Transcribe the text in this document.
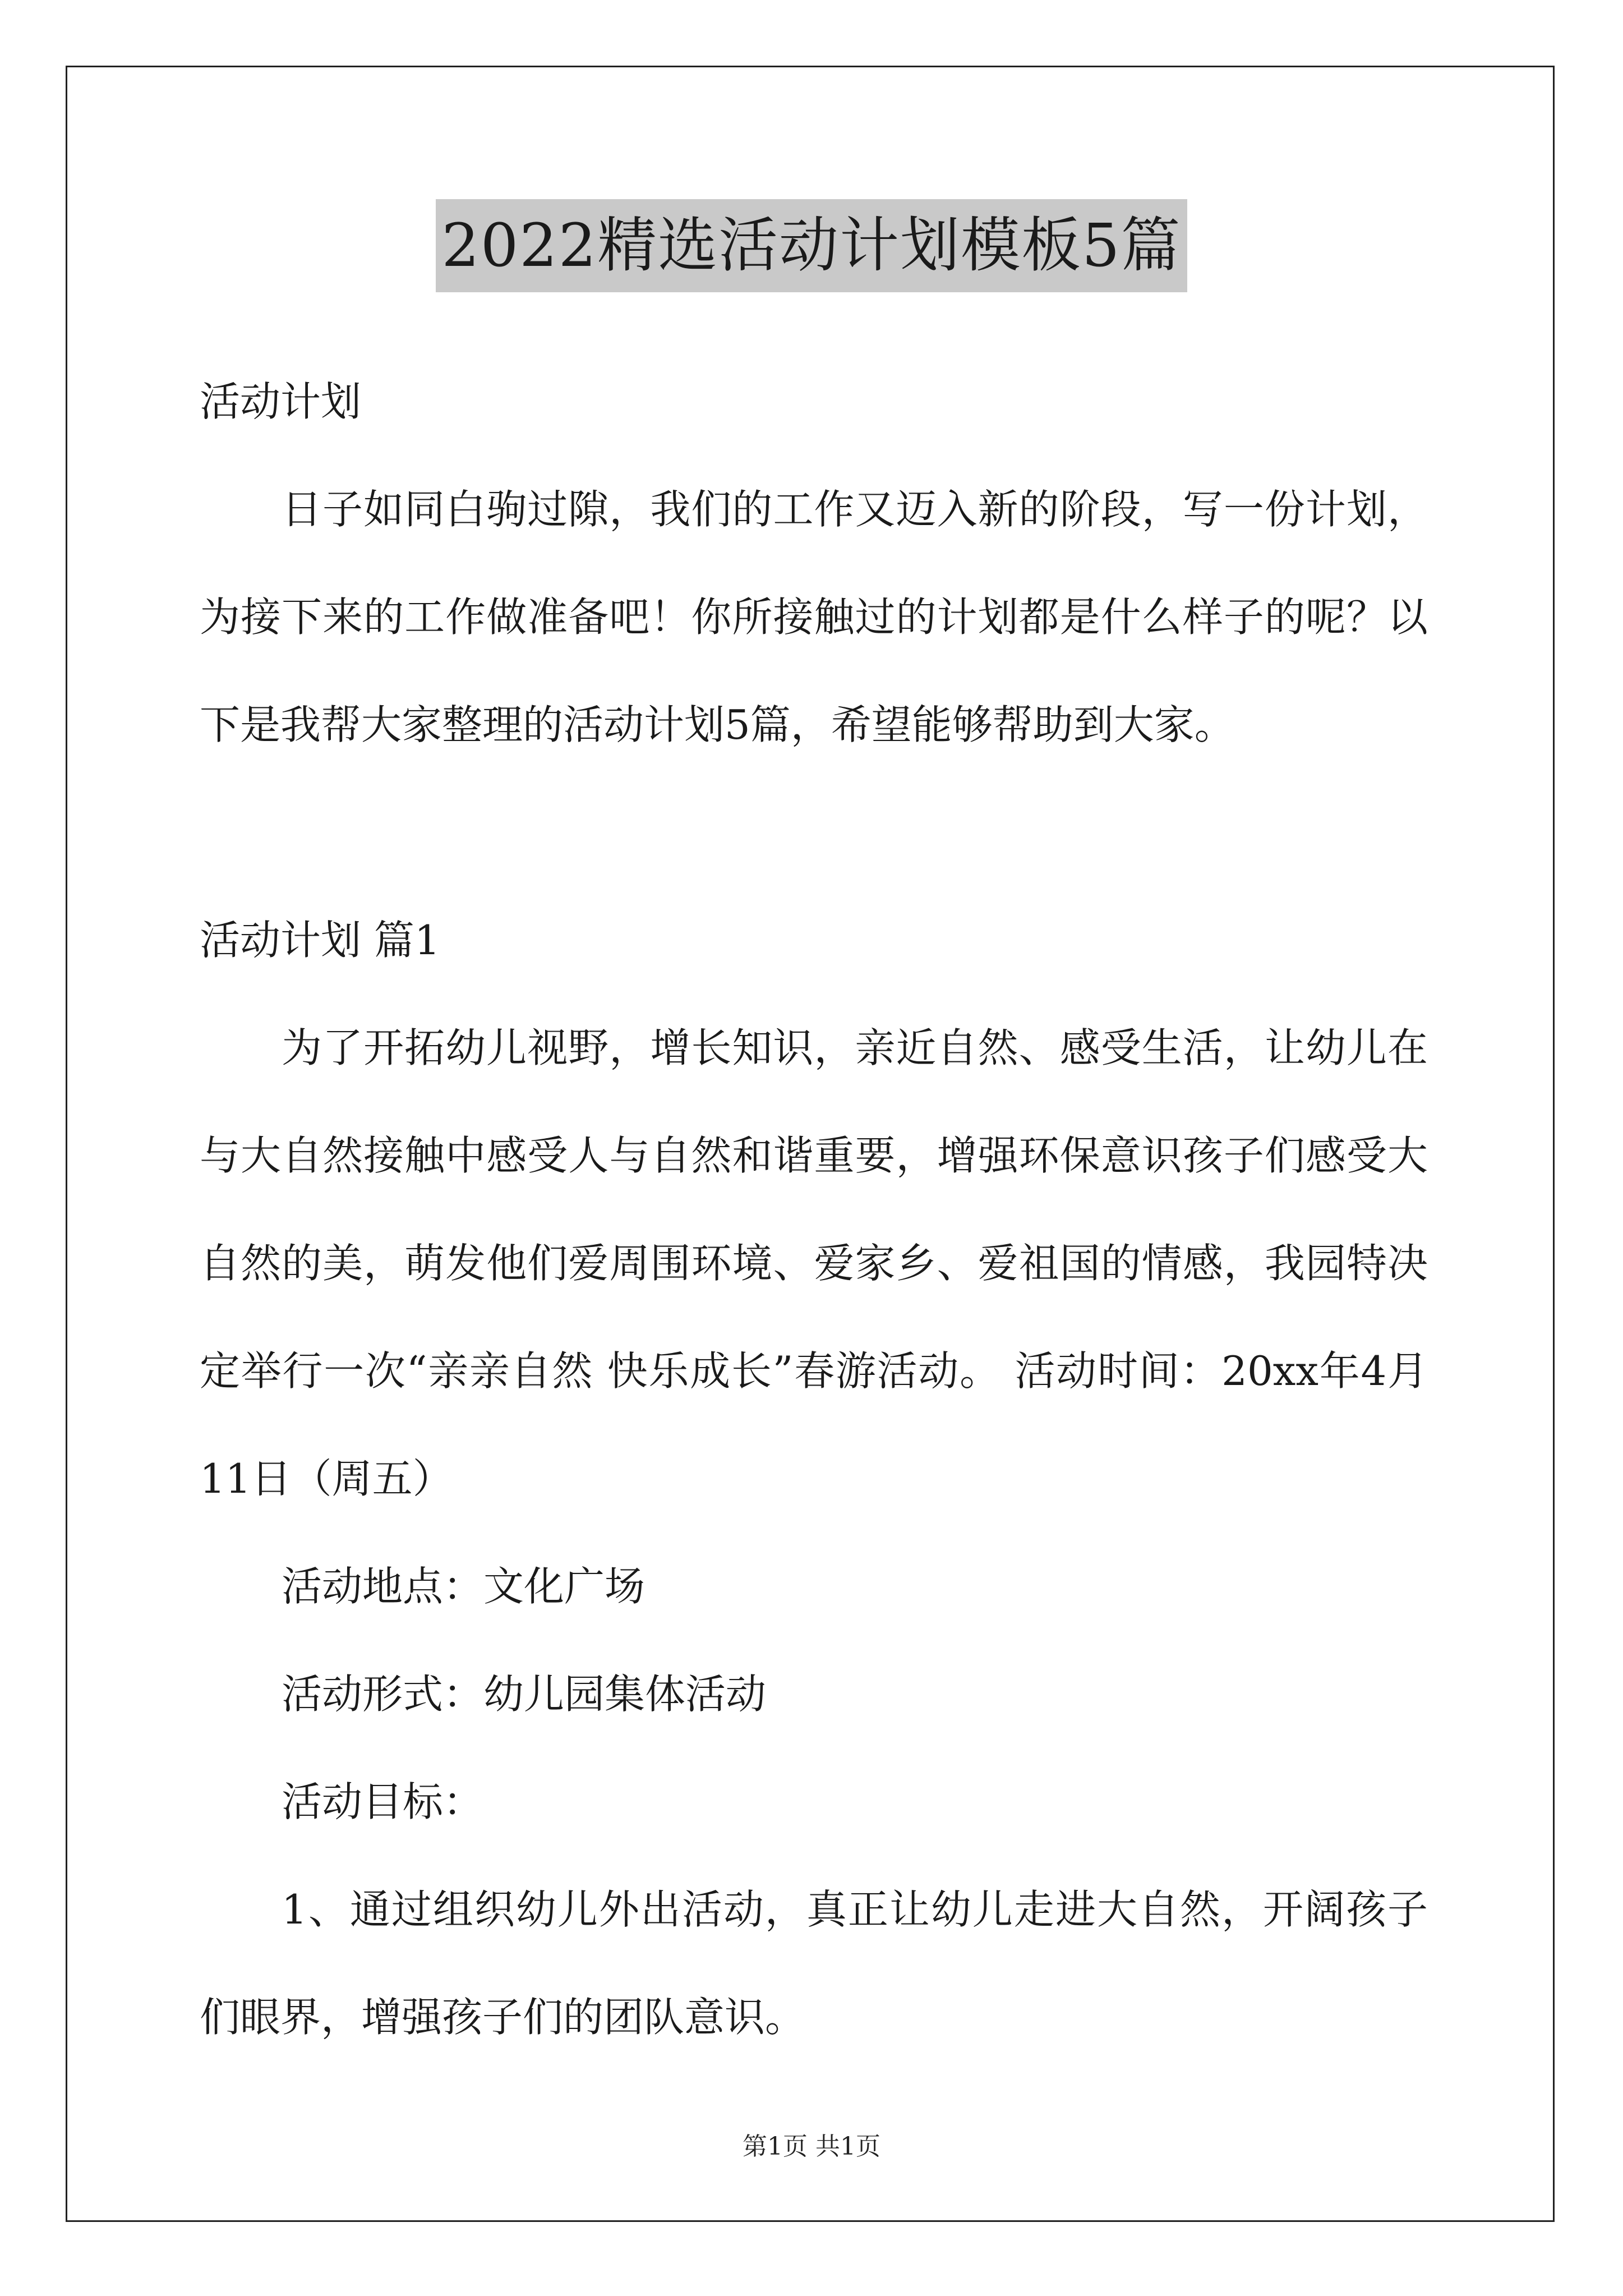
2022精选活动计划模板5篇
活动计划
日子如同白驹过隙，我们的工作又迈入新的阶段，写一份计划，为接下来的工作做准备吧！你所接触过的计划都是什么样子的呢？以下是我帮大家整理的活动计划5篇，希望能够帮助到大家。
活动计划 篇1
为了开拓幼儿视野，增长知识，亲近自然、感受生活，让幼儿在与大自然接触中感受人与自然和谐重要，增强环保意识孩子们感受大自然的美，萌发他们爱周围环境、爱家乡、爱祖国的情感，我园特决定举行一次“亲亲自然 快乐成长”春游活动。 活动时间：20xx年4月11日（周五）
活动地点：文化广场
活动形式：幼儿园集体活动
活动目标：
1、通过组织幼儿外出活动，真正让幼儿走进大自然，开阔孩子们眼界，增强孩子们的团队意识。
第1页 共1页
